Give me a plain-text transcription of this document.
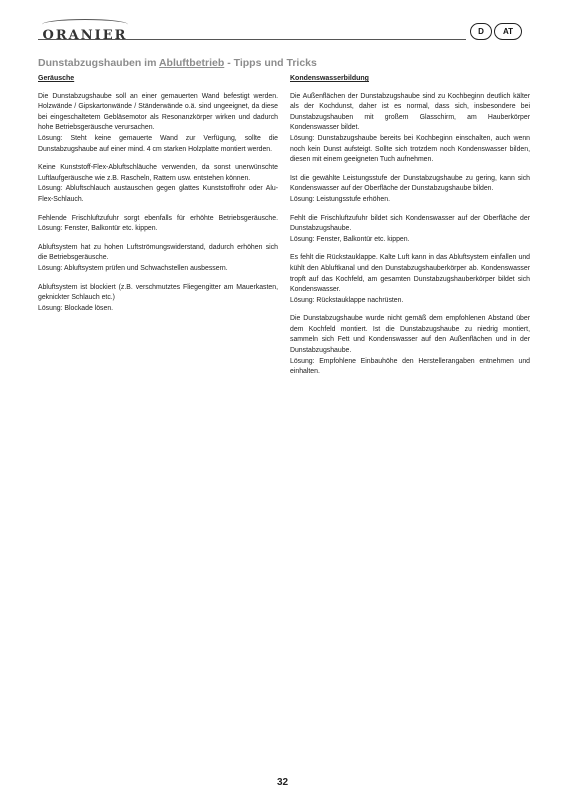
ORANIER	D	AT
Dunstabzugshauben im Abluftbetrieb - Tipps und Tricks
Geräusche

Die Dunstabzugshaube soll an einer gemauerten Wand befestigt werden. Holzwände / Gipskartonwände / Ständerwände o.ä. sind ungeeignet, da diese bei eingeschaltetem Gebläsemotor als Resonanzkörper wirken und dadurch hohe Betriebsgeräusche verursachen.
Lösung: Steht keine gemauerte Wand zur Verfügung, sollte die Dunstabzugshaube auf einer mind. 4 cm starken Holzplatte montiert werden.

Keine Kunststoff-Flex-Abluftschläuche verwenden, da sonst unerwünschte Luftlaufgeräusche wie z.B. Rascheln, Rattern usw. entstehen können.
Lösung: Abluftschlauch austauschen gegen glattes Kunststoffrohr oder Alu-Flex-Schlauch.

Fehlende Frischluftzufuhr sorgt ebenfalls für erhöhte Betriebsgeräusche. Lösung: Fenster, Balkontür etc. kippen.

Abluftsystem hat zu hohen Luftströmungswiderstand, dadurch erhöhen sich die Betriebsgeräusche.
Lösung: Abluftsystem prüfen und Schwachstellen ausbessern.

Abluftsystem ist blockiert (z.B. verschmutztes Fliegengitter am Mauerkasten, geknickter Schlauch etc.)
Lösung: Blockade lösen.

Kondenswasserbildung

Die Außenflächen der Dunstabzugshaube sind zu Kochbeginn deutlich kälter als der Kochdunst, daher ist es normal, dass sich, insbesondere bei Dunstabzugshauben mit großem Glasschirm, am Hauberkörper Kondenswasser bildet.
Lösung: Dunstabzugshaube bereits bei Kochbeginn einschalten, auch wenn noch kein Dunst aufsteigt. Sollte sich trotzdem noch Kondenswasser bilden, diesen mit einem geeigneten Tuch aufnehmen.

Ist die gewählte Leistungsstufe der Dunstabzugshaube zu gering, kann sich Kondenswasser auf der Oberfläche der Dunstabzugshaube bilden.
Lösung: Leistungsstufe erhöhen.

Fehlt die Frischluftzufuhr bildet sich Kondenswasser auf der Oberfläche der Dunstabzugshaube.
Lösung: Fenster, Balkontür etc. kippen.

Es fehlt die Rückstauklappe. Kalte Luft kann in das Abluftsystem einfallen und kühlt den Abluftkanal und den Dunstabzugshauberkörper ab. Kondenswasser tropft auf das Kochfeld, am gesamten Dunstabzugshauberkörper bildet sich Kondenswasser.
Lösung: Rückstauklappe nachrüsten.

Die Dunstabzugshaube wurde nicht gemäß dem empfohlenen Abstand über dem Kochfeld montiert. Ist die Dunstabzugshaube zu niedrig montiert, sammeln sich Fett und Kondenswasser auf den Außenflächen und in der Dunstabzugshaube.
Lösung: Empfohlene Einbauhöhe den Herstellerangaben entnehmen und einhalten.

32
